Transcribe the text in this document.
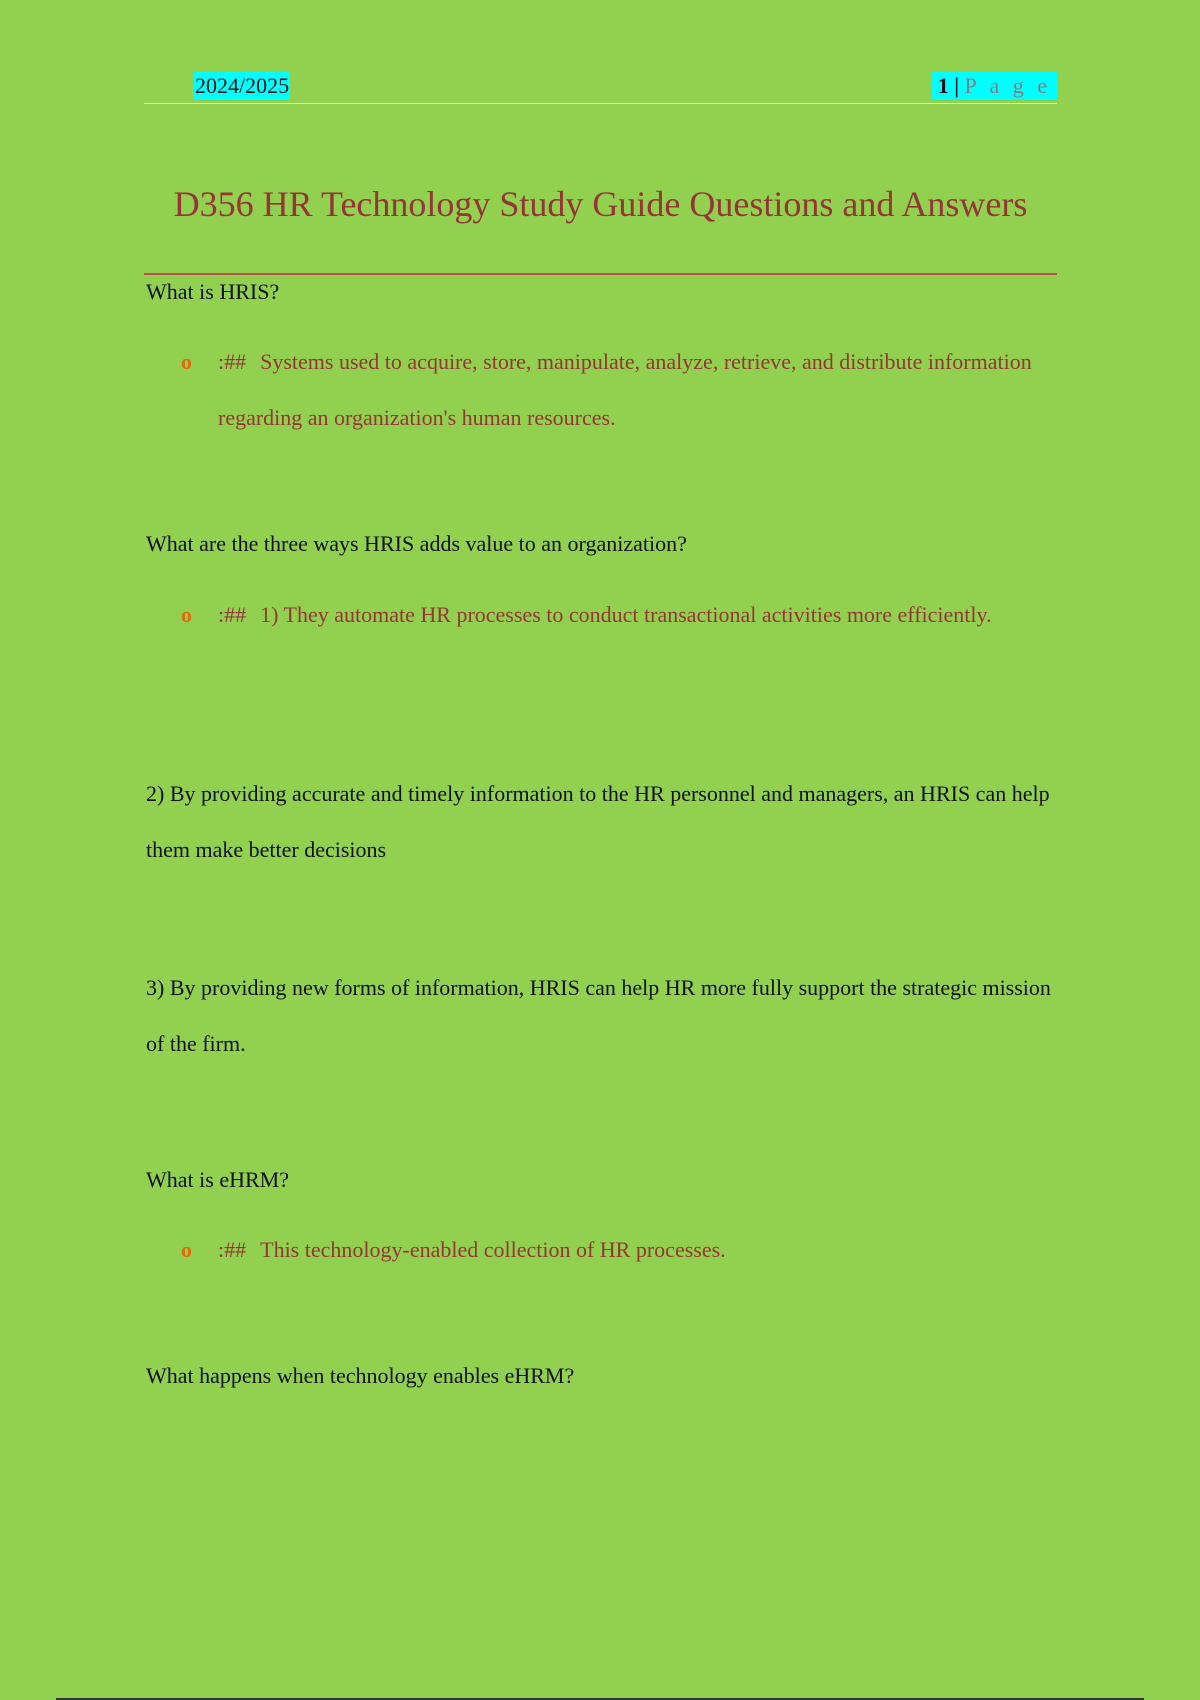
2024/2025	1 | P a g e
D356 HR Technology Study Guide Questions and Answers
What is HRIS?
o	:## Systems used to acquire, store, manipulate, analyze, retrieve, and distribute information regarding an organization's human resources.
What are the three ways HRIS adds value to an organization?
o	:## 1) They automate HR processes to conduct transactional activities more efficiently.
2) By providing accurate and timely information to the HR personnel and managers, an HRIS can help them make better decisions
3) By providing new forms of information, HRIS can help HR more fully support the strategic mission of the firm.
What is eHRM?
o	:## This technology-enabled collection of HR processes.
What happens when technology enables eHRM?
